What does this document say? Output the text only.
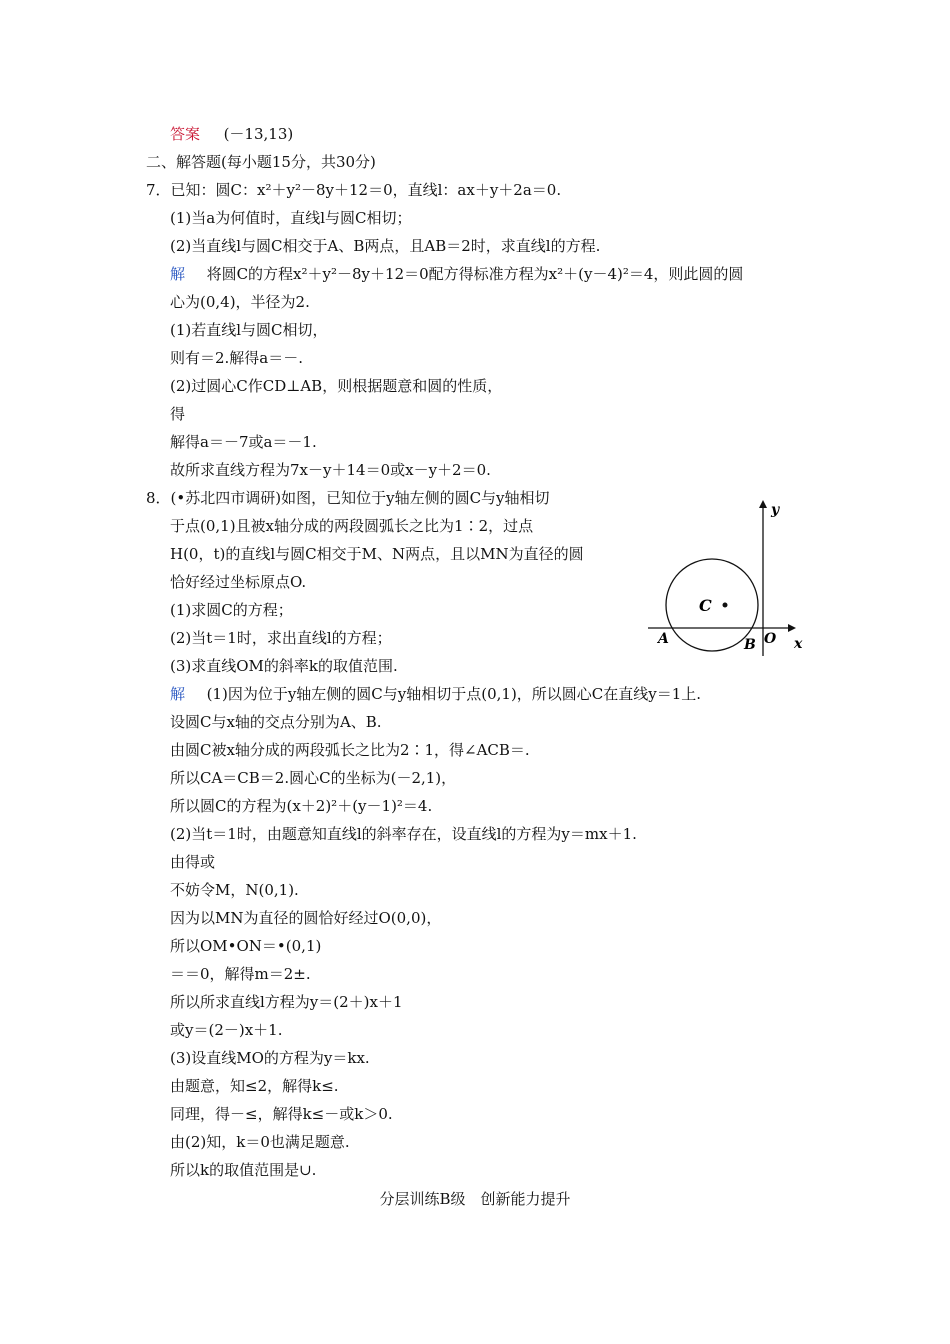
答案 (－13,13)
二、解答题(每小题15分，共30分)
7．已知：圆C：x²＋y²－8y＋12＝0，直线l：ax＋y＋2a＝0.
(1)当a为何值时，直线l与圆C相切；
(2)当直线l与圆C相交于A、B两点，且AB＝2时，求直线l的方程.
解 将圆C的方程x²＋y²－8y＋12＝0配方得标准方程为x²＋(y－4)²＝4，则此圆的圆
心为(0,4)，半径为2.
(1)若直线l与圆C相切，
则有＝2.解得a＝－.
(2)过圆心C作CD⊥AB，则根据题意和圆的性质，
得
解得a＝－7或a＝－1.
故所求直线方程为7x－y＋14＝0或x－y＋2＝0.
8．(•苏北四市调研)如图，已知位于y轴左侧的圆C与y轴相切
于点(0,1)且被x轴分成的两段圆弧长之比为1∶2，过点
H(0，t)的直线l与圆C相交于M、N两点，且以MN为直径的圆
恰好经过坐标原点O.
(1)求圆C的方程；
(2)当t＝1时，求出直线l的方程；
(3)求直线OM的斜率k的取值范围.
y
x
C
A	B O
解 (1)因为位于y轴左侧的圆C与y轴相切于点(0,1)，所以圆心C在直线y＝1上.
设圆C与x轴的交点分别为A、B.
由圆C被x轴分成的两段弧长之比为2∶1，得∠ACB＝.
所以CA＝CB＝2.圆心C的坐标为(－2,1)，
所以圆C的方程为(x＋2)²＋(y－1)²＝4.
(2)当t＝1时，由题意知直线l的斜率存在，设直线l的方程为y＝mx＋1.
由得或
不妨令M，N(0,1).
因为以MN为直径的圆恰好经过O(0,0)，
所以OM•ON＝•(0,1)
＝＝0，解得m＝2±.
所以所求直线l方程为y＝(2＋)x＋1
或y＝(2－)x＋1.
(3)设直线MO的方程为y＝kx.
由题意，知≤2，解得k≤.
同理，得－≤，解得k≤－或k＞0.
由(2)知，k＝0也满足题意.
所以k的取值范围是∪.
分层训练B级　创新能力提升
